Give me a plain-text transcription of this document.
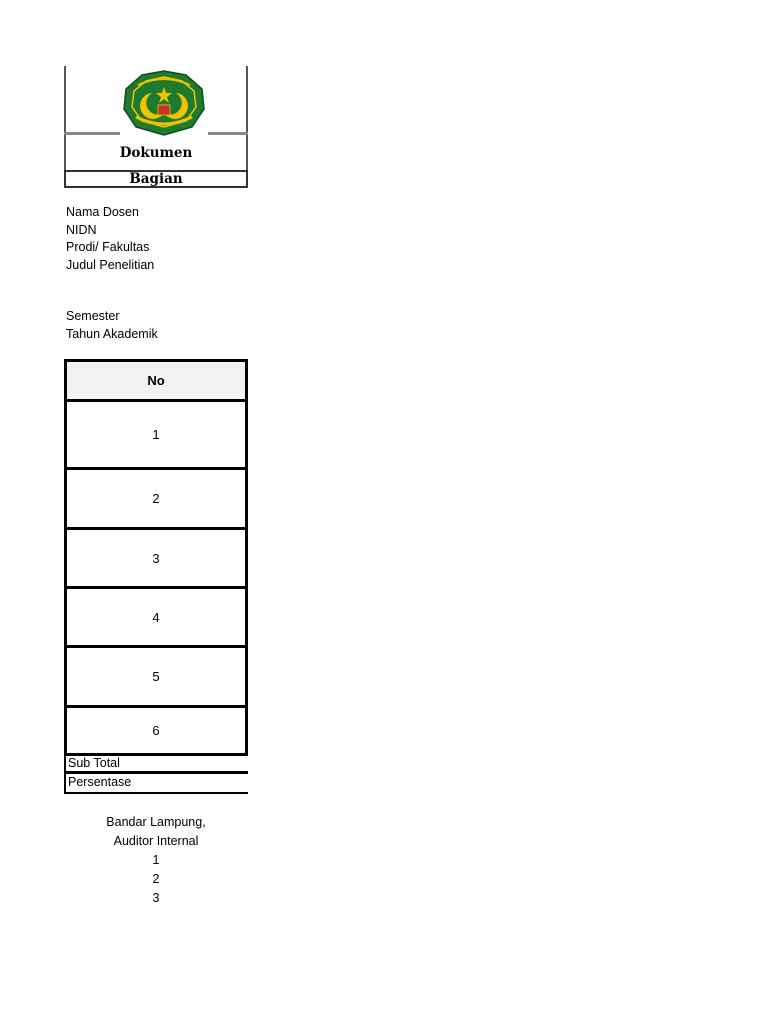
Dokumen
Bagian
Nama Dosen
NIDN
Prodi/ Fakultas
Judul Penelitian
Semester
Tahun Akademik
No
1
2
3
4
5
6
Sub Total
Persentase
Bandar Lampung,
Auditor Internal
1
2
3
